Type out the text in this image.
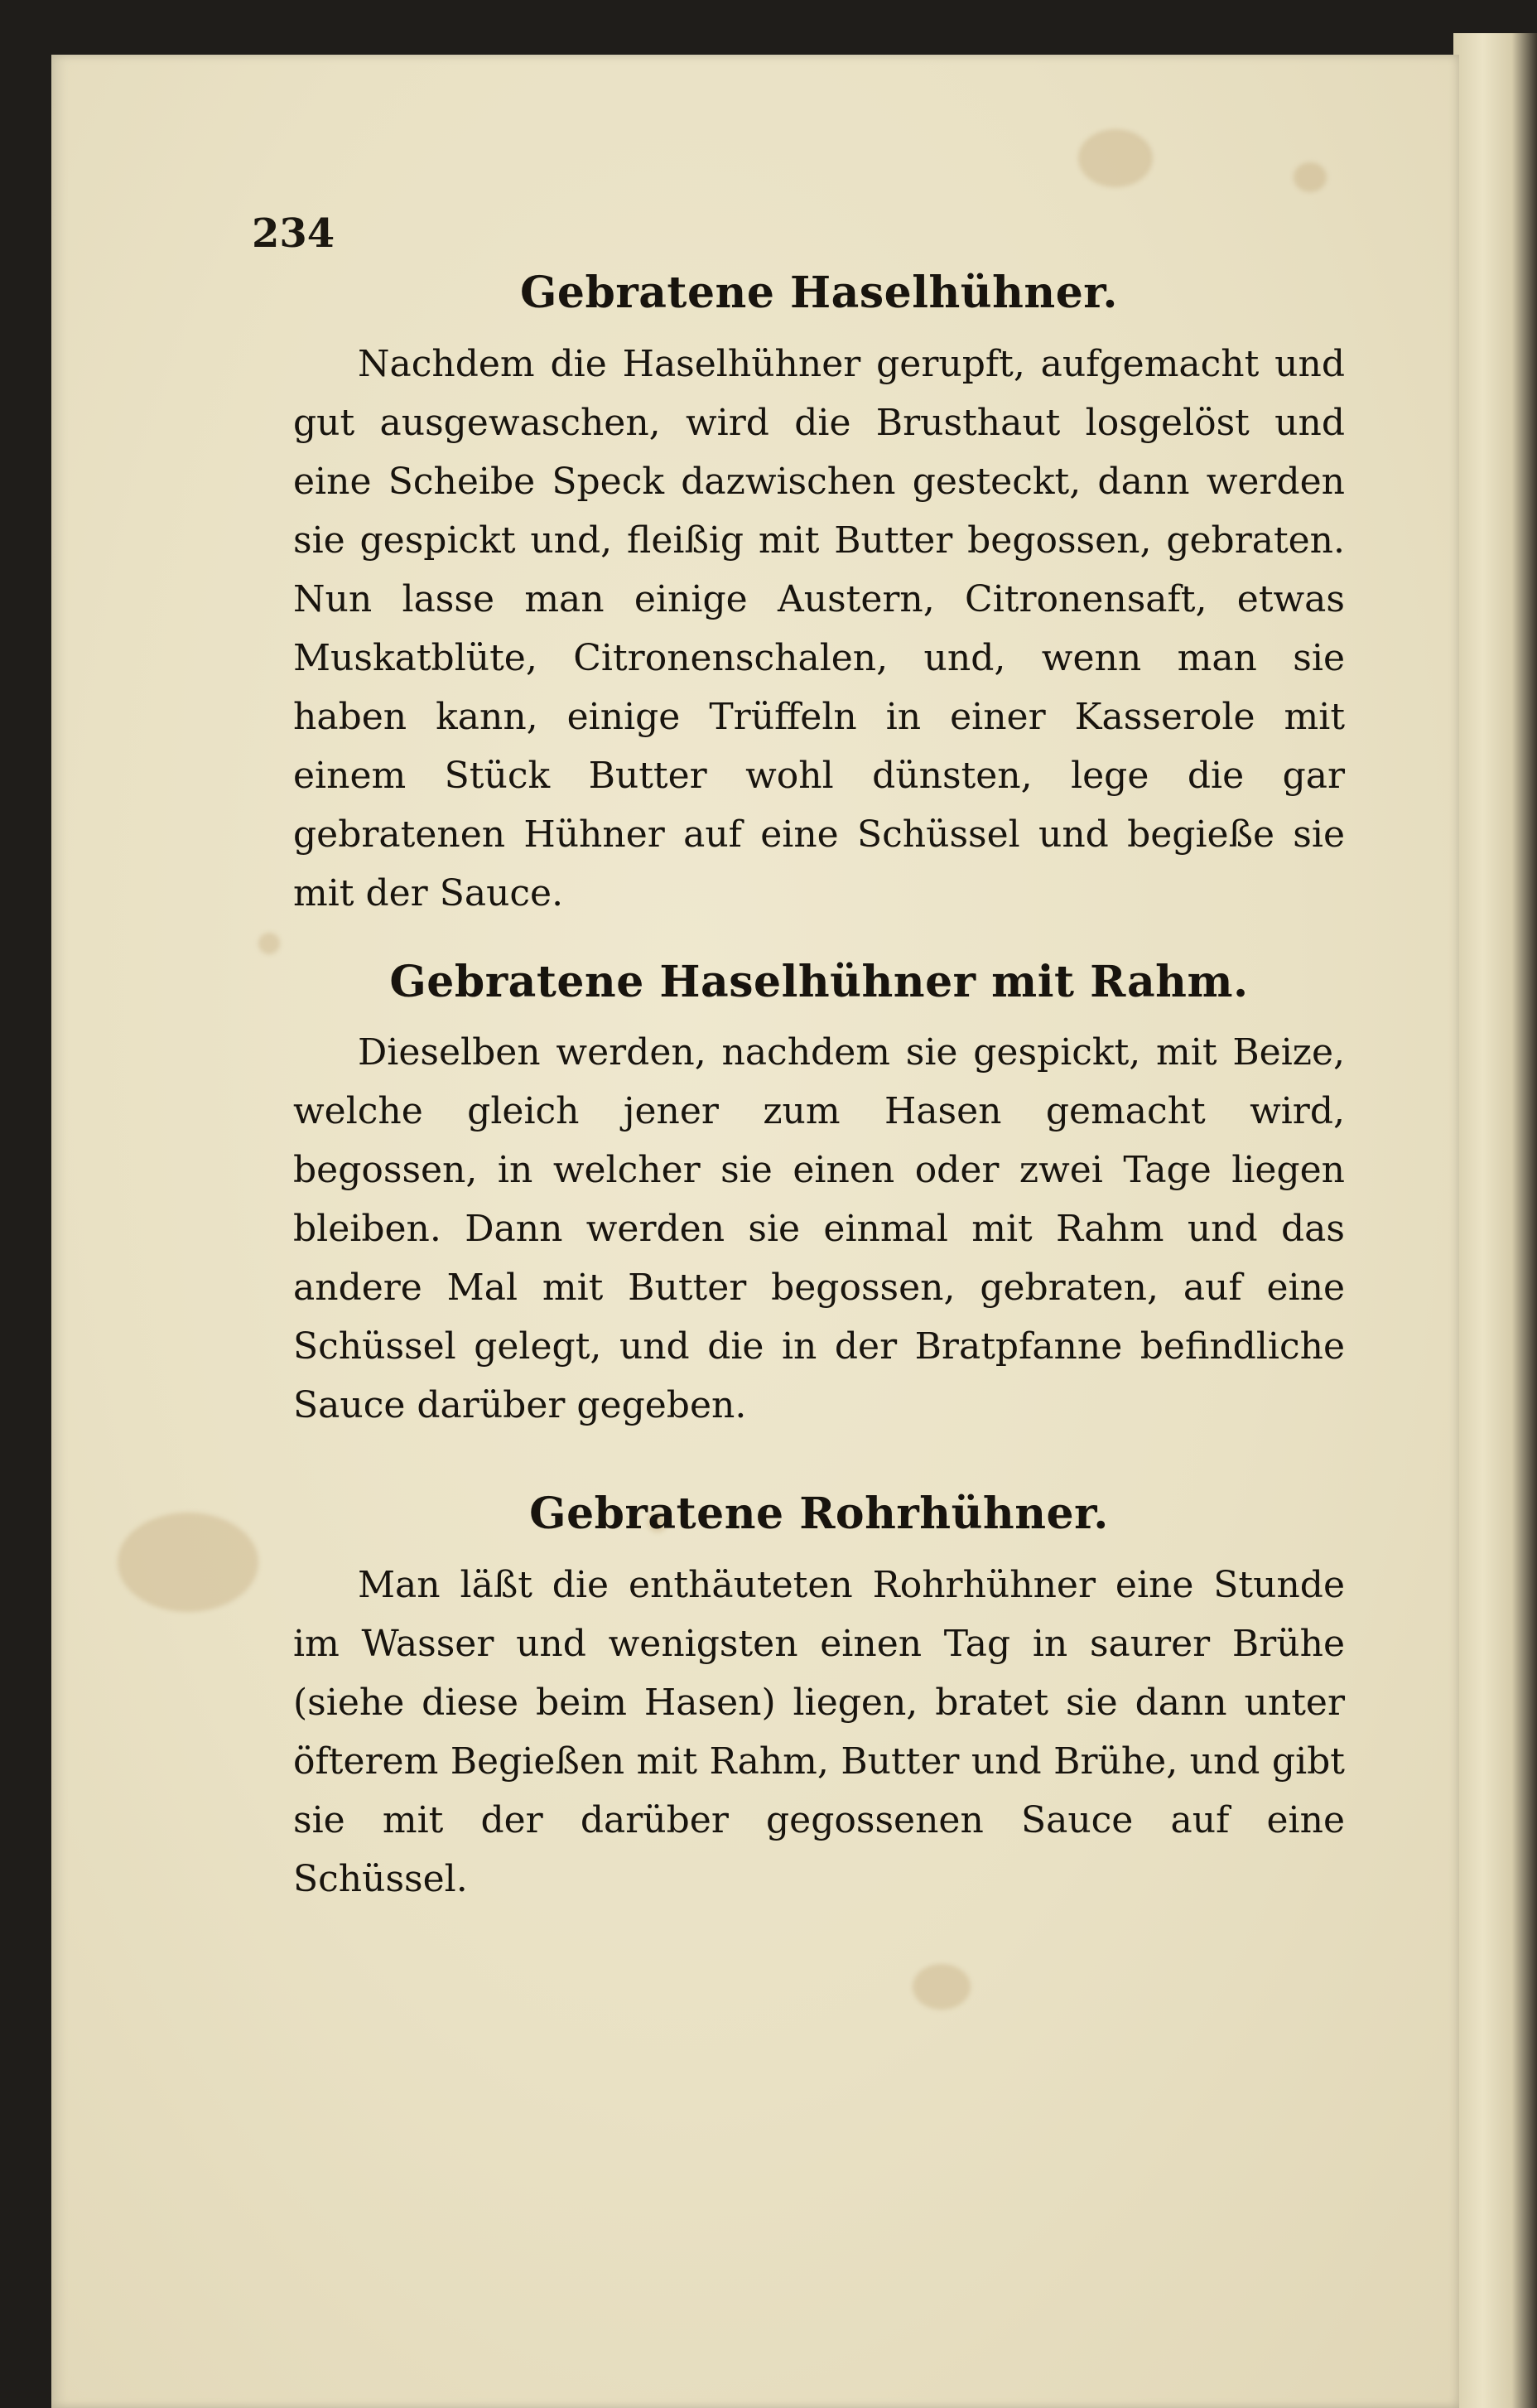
234

Gebratene Haselhühner.

Nachdem die Haselhühner gerupft, aufgemacht und gut ausgewaschen, wird die Brusthaut losgelöst und eine Scheibe Speck dazwischen gesteckt, dann werden sie gespickt und, fleißig mit Butter begossen, gebraten. Nun lasse man einige Austern, Citronensaft, etwas Muskatblüte, Citronenschalen, und, wenn man sie haben kann, einige Trüffeln in einer Kasserole mit einem Stück Butter wohl dünsten, lege die gar gebratenen Hühner auf eine Schüssel und begieße sie mit der Sauce.

Gebratene Haselhühner mit Rahm.

Dieselben werden, nachdem sie gespickt, mit Beize, welche gleich jener zum Hasen gemacht wird, begossen, in welcher sie einen oder zwei Tage liegen bleiben. Dann werden sie einmal mit Rahm und das andere Mal mit Butter begossen, gebraten, auf eine Schüssel gelegt, und die in der Bratpfanne befindliche Sauce darüber gegeben.

Gebratene Rohrhühner.

Man läßt die enthäuteten Rohrhühner eine Stunde im Wasser und wenigsten einen Tag in saurer Brühe (siehe diese beim Hasen) liegen, bratet sie dann unter öfterem Begießen mit Rahm, Butter und Brühe, und gibt sie mit der darüber gegossenen Sauce auf eine Schüssel.
